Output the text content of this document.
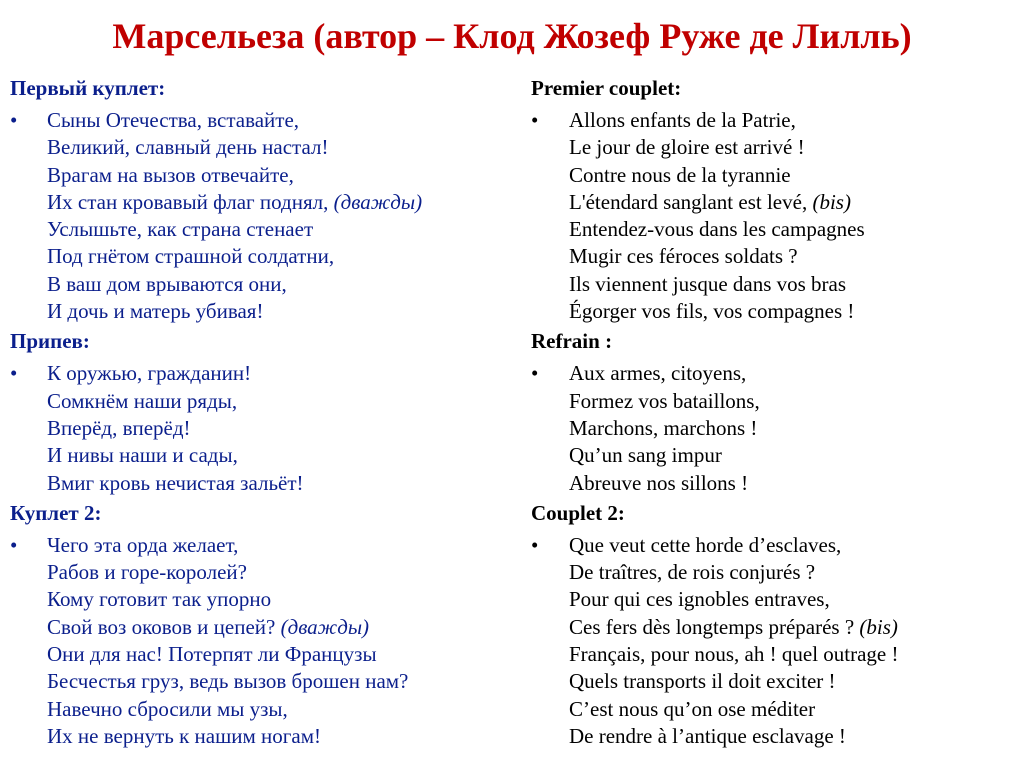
Марсельеза (автор – Клод Жозеф Руже де Лилль)
Первый куплет:
•	Сыны Отечества, вставайте,
Великий, славный день настал!
Врагам на вызов отвечайте,
Их стан кровавый флаг поднял, (дважды)
Услышьте, как страна стенает
Под гнётом страшной солдатни,
В ваш дом врываются они,
И дочь и матерь убивая!
Припев:
•	К оружью, гражданин!
Сомкнём наши ряды,
Вперёд, вперёд!
И нивы наши и сады,
Вмиг кровь нечистая зальёт!
Куплет 2:
•	Чего эта орда желает,
Рабов и горе-королей?
Кому готовит так упорно
Свой воз оковов и цепей? (дважды)
Они для нас! Потерпят ли Французы
Бесчестья груз, ведь вызов брошен нам?
Навечно сбросили мы узы,
Их не вернуть к нашим ногам!
Premier couplet:
•	Allons enfants de la Patrie,
Le jour de gloire est arrivé !
Contre nous de la tyrannie
L'étendard sanglant est levé, (bis)
Entendez-vous dans les campagnes
Mugir ces féroces soldats ?
Ils viennent jusque dans vos bras
Égorger vos fils, vos compagnes !
Refrain :
•	Aux armes, citoyens,
Formez vos bataillons,
Marchons, marchons !
Qu’un sang impur
Abreuve nos sillons !
Couplet 2:
•	Que veut cette horde d’esclaves,
De traîtres, de rois conjurés ?
Pour qui ces ignobles entraves,
Ces fers dès longtemps préparés ? (bis)
Français, pour nous, ah ! quel outrage !
Quels transports il doit exciter !
C’est nous qu’on ose méditer
De rendre à l’antique esclavage !
